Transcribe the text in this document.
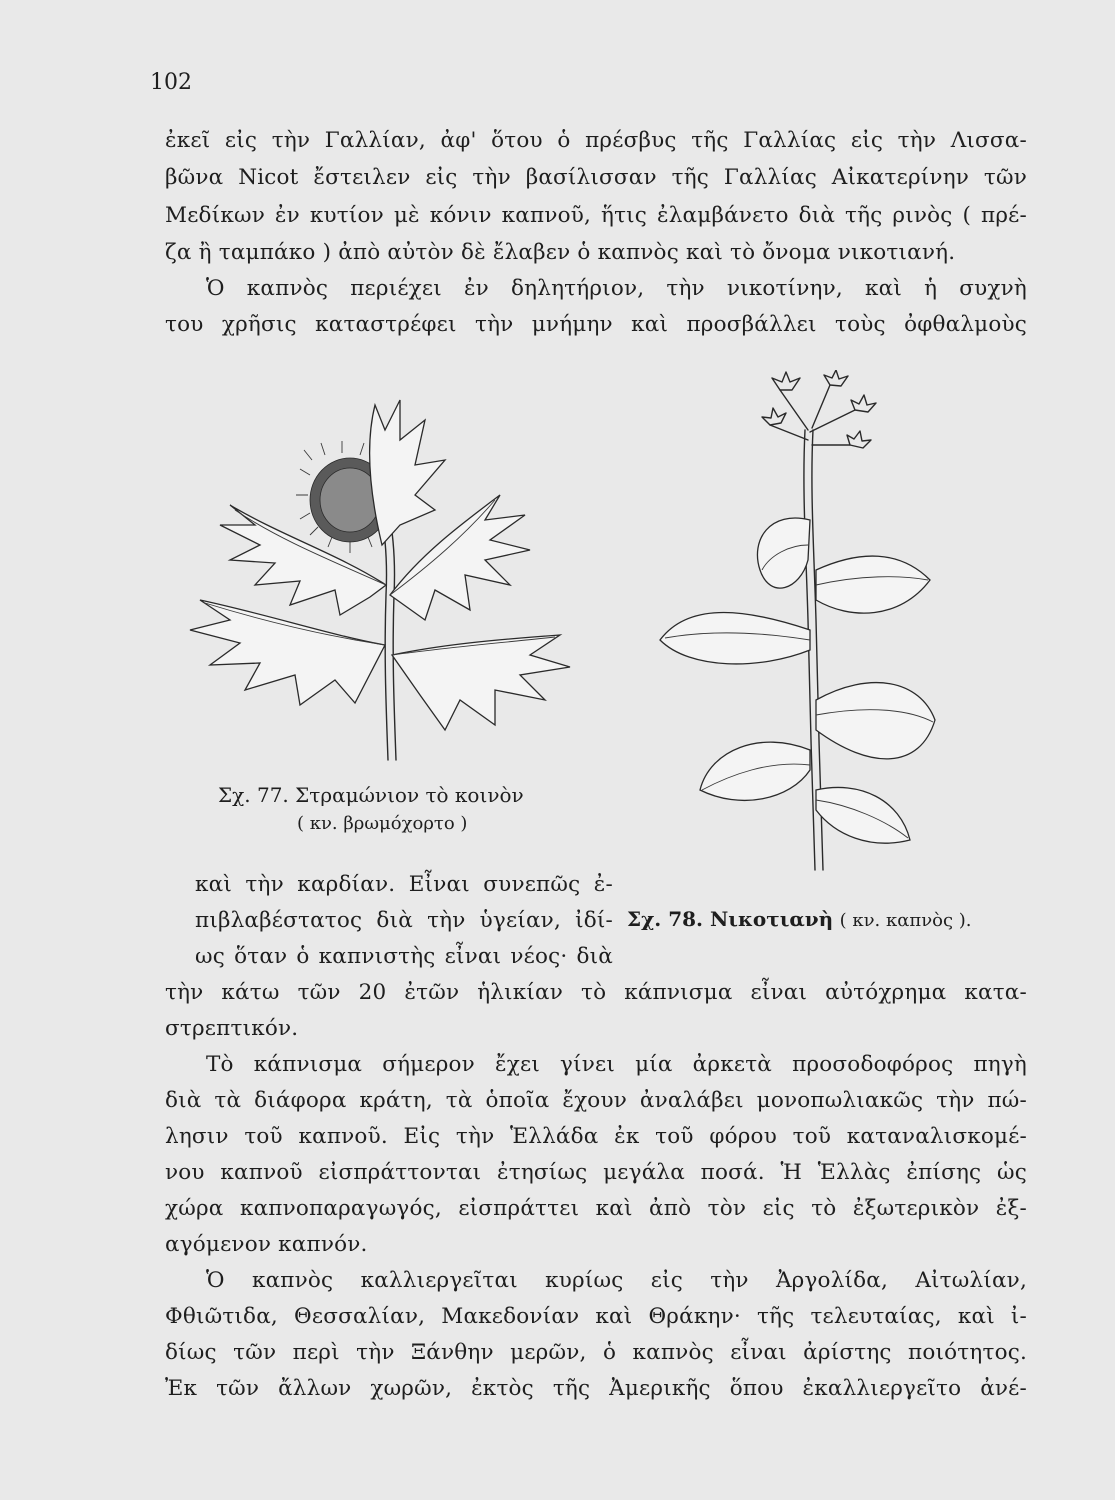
102
ἐκεῖ εἰς τὴν Γαλλίαν, ἀφ' ὅτου ὁ πρέσβυς τῆς Γαλλίας εἰς τὴν Λισσα-
βῶνα Nicot ἔστειλεν εἰς τὴν βασίλισσαν τῆς Γαλλίας Αἰκατερίνην τῶν
Μεδίκων ἐν κυτίον μὲ κόνιν καπνοῦ, ἥτις ἐλαμβάνετο διὰ τῆς ρινὸς ( πρέ-
ζα ἢ ταμπάκο ) ἀπὸ αὐτὸν δὲ ἔλαβεν ὁ καπνὸς καὶ τὸ ὄνομα νικοτιανή.
Ὁ καπνὸς περιέχει ἐν δηλητήριον, τὴν νικοτίνην, καὶ ἡ συχνὴ
του χρῆσις καταστρέφει τὴν μνήμην καὶ προσβάλλει τοὺς ὀφθαλμοὺς
Σχ. 77. Στραμώνιον τὸ κοινὸν
( κν. βρωμόχορτο )
Σχ. 78. Νικοτιανὴ ( κν. καπνὸς ).
καὶ τὴν καρδίαν. Εἶναι συνεπῶς ἐ-
πιβλαβέστατος διὰ τὴν ὑγείαν, ἰδί-
ως ὅταν ὁ καπνιστὴς εἶναι νέος· διὰ
τὴν κάτω τῶν 20 ἐτῶν ἡλικίαν τὸ κάπνισμα εἶναι αὐτόχρημα κατα-
στρεπτικόν.
Τὸ κάπνισμα σήμερον ἔχει γίνει μία ἀρκετὰ προσοδοφόρος πηγὴ
διὰ τὰ διάφορα κράτη, τὰ ὁποῖα ἔχουν ἀναλάβει μονοπωλιακῶς τὴν πώ-
λησιν τοῦ καπνοῦ. Εἰς τὴν Ἑλλάδα ἐκ τοῦ φόρου τοῦ καταναλισκομέ-
νου καπνοῦ εἰσπράττονται ἐτησίως μεγάλα ποσά. Ἡ Ἑλλὰς ἐπίσης ὡς
χώρα καπνοπαραγωγός, εἰσπράττει καὶ ἀπὸ τὸν εἰς τὸ ἐξωτερικὸν ἐξ-
αγόμενον καπνόν.
Ὁ καπνὸς καλλιεργεῖται κυρίως εἰς τὴν Ἀργολίδα, Αἰτωλίαν,
Φθιῶτιδα, Θεσσαλίαν, Μακεδονίαν καὶ Θράκην· τῆς τελευταίας, καὶ ἰ-
δίως τῶν περὶ τὴν Ξάνθην μερῶν, ὁ καπνὸς εἶναι ἀρίστης ποιότητος.
Ἐκ τῶν ἄλλων χωρῶν, ἐκτὸς τῆς Ἀμερικῆς ὅπου ἐκαλλιεργεῖτο ἀνέ-
